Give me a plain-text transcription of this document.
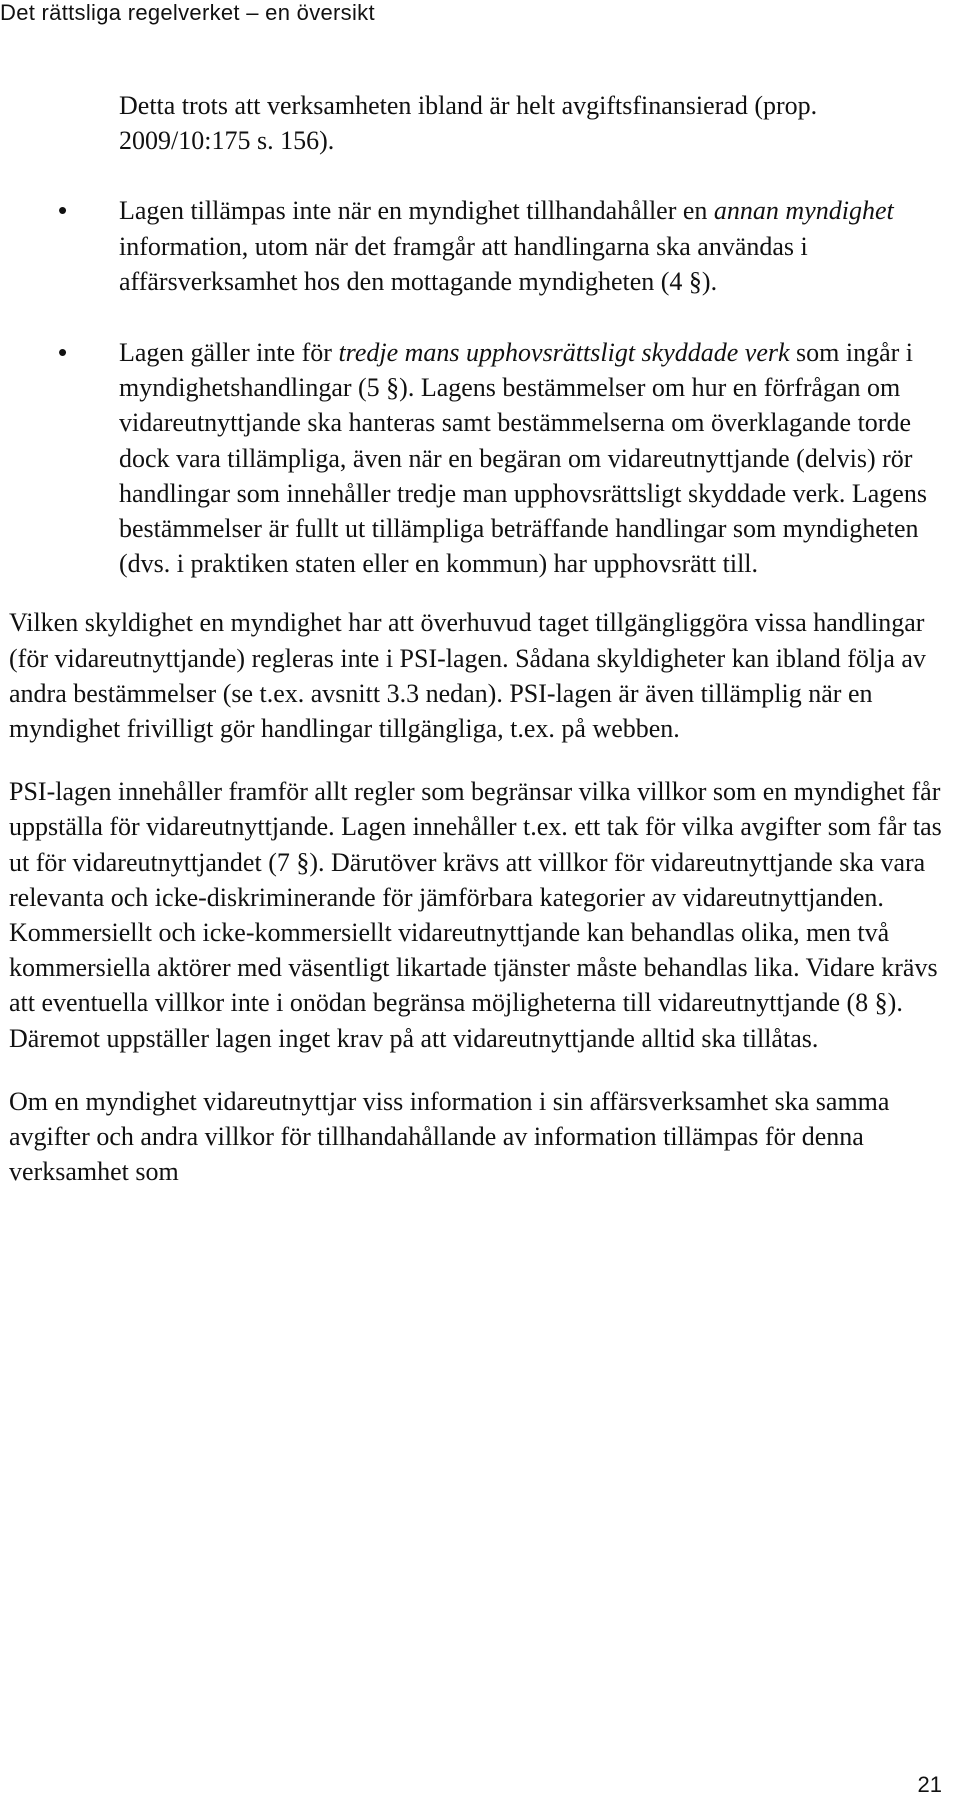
Det rättsliga regelverket – en översikt

Detta trots att verksamheten ibland är helt avgiftsfinansierad (prop. 2009/10:175 s. 156).

• Lagen tillämpas inte när en myndighet tillhandahåller en annan myndighet information, utom när det framgår att handlingarna ska användas i affärsverksamhet hos den mottagande myndigheten (4 §).
• Lagen gäller inte för tredje mans upphovsrättsligt skyddade verk som ingår i myndighetshandlingar (5 §). Lagens bestämmelser om hur en förfrågan om vidareutnyttjande ska hanteras samt bestämmelserna om överklagande torde dock vara tillämpliga, även när en begäran om vidareutnyttjande (delvis) rör handlingar som innehåller tredje man upphovsrättsligt skyddade verk. Lagens bestämmelser är fullt ut tillämpliga beträffande handlingar som myndigheten (dvs. i praktiken staten eller en kommun) har upphovsrätt till.

Vilken skyldighet en myndighet har att överhuvud taget tillgängliggöra vissa handlingar (för vidareutnyttjande) regleras inte i PSI-lagen. Sådana skyldigheter kan ibland följa av andra bestämmelser (se t.ex. avsnitt 3.3 nedan). PSI-lagen är även tillämplig när en myndighet frivilligt gör handlingar tillgängliga, t.ex. på webben.

PSI-lagen innehåller framför allt regler som begränsar vilka villkor som en myndighet får uppställa för vidareutnyttjande. Lagen innehåller t.ex. ett tak för vilka avgifter som får tas ut för vidareutnyttjandet (7 §). Därutöver krävs att villkor för vidareutnyttjande ska vara relevanta och icke-diskriminerande för jämförbara kategorier av vidareutnyttjanden. Kommersiellt och icke-kommersiellt vidareutnyttjande kan behandlas olika, men två kommersiella aktörer med väsentligt likartade tjänster måste behandlas lika. Vidare krävs att eventuella villkor inte i onödan begränsa möjligheterna till vidareutnyttjande (8 §). Däremot uppställer lagen inget krav på att vidareutnyttjande alltid ska tillåtas.

Om en myndighet vidareutnyttjar viss information i sin affärsverksamhet ska samma avgifter och andra villkor för tillhandahållande av information tillämpas för denna verksamhet som

21
